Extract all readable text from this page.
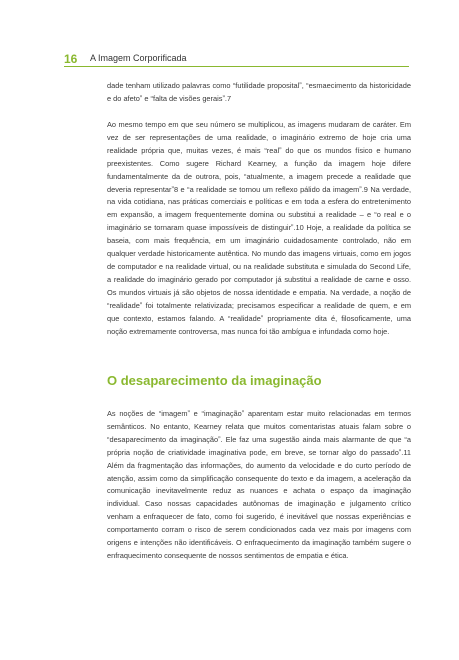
16 A Imagem Corporificada

dade tenham utilizado palavras como “futilidade propositalˮ, “esmaecimento da historicidade e do afetoˮ e “falta de visões geraisˮ.7

Ao mesmo tempo em que seu número se multiplicou, as imagens mudaram de caráter. Em vez de ser representações de uma realidade, o imaginário extremo de hoje cria uma realidade própria que, muitas vezes, é mais “realˮ do que os mundos físico e humano preexistentes. Como sugere Richard Kearney, a função da imagem hoje difere fundamentalmente da de outrora, pois, “atualmente, a imagem precede a realidade que deveria representarˮ8 e “a realidade se tornou um reflexo pálido da imagemˮ.9 Na verdade, na vida cotidiana, nas práticas comerciais e políticas e em toda a esfera do entretenimento em expansão, a imagem frequentemente domina ou substitui a realidade – e “o real e o imaginário se tornaram quase impossíveis de distinguirˮ.10 Hoje, a realidade da política se baseia, com mais frequência, em um imaginário cuidadosamente controlado, não em qualquer verdade historicamente autêntica. No mundo das imagens virtuais, como em jogos de computador e na realidade virtual, ou na realidade substituta e simulada do Second Life, a realidade do imaginário gerado por computador já substitui a realidade de carne e osso. Os mundos virtuais já são objetos de nossa identidade e empatia. Na verdade, a noção de “realidadeˮ foi totalmente relativizada; precisamos especificar a realidade de quem, e em que contexto, estamos falando. A “realidadeˮ propriamente dita é, filosoficamente, uma noção extremamente controversa, mas nunca foi tão ambígua e infundada como hoje.

O desaparecimento da imaginação

As noções de “imagemˮ e “imaginaçãoˮ aparentam estar muito relacionadas em termos semânticos. No entanto, Kearney relata que muitos comentaristas atuais falam sobre o “desaparecimento da imaginaçãoˮ. Ele faz uma sugestão ainda mais alarmante de que “a própria noção de criatividade imaginativa pode, em breve, se tornar algo do passadoˮ.11 Além da fragmentação das informações, do aumento da velocidade e do curto período de atenção, assim como da simplificação consequente do texto e da imagem, a aceleração da comunicação inevitavelmente reduz as nuances e achata o espaço da imaginação individual. Caso nossas capacidades autônomas de imaginação e julgamento crítico venham a enfraquecer de fato, como foi sugerido, é inevitável que nossas experiências e comportamento corram o risco de serem condicionados cada vez mais por imagens com origens e intenções não identificáveis. O enfraquecimento da imaginação também sugere o enfraquecimento consequente de nossos sentimentos de empatia e ética.
